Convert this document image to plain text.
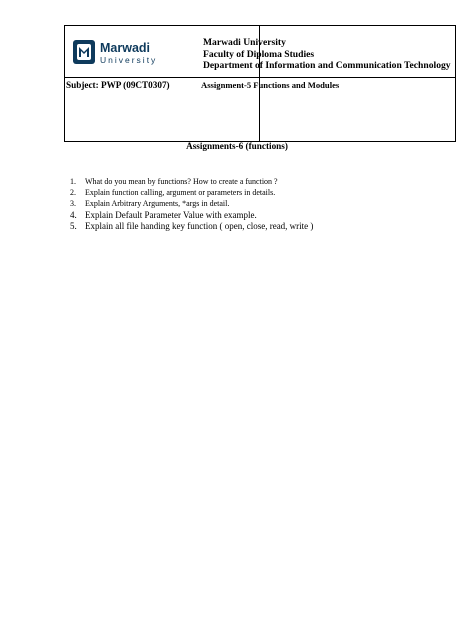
Marwadi
University
Marwadi University
Faculty of Diploma Studies
Department of Information and Communication Technology
Subject: PWP (09CT0307)	Assignment-5 Functions and Modules
Assignments-6 (functions)
1.	What do you mean by functions? How to create a function ?
2.	Explain function calling, argument or parameters in details.
3.	Explain Arbitrary Arguments, *args in detail.
4. Explain Default Parameter Value with example.
5. Explain all file handing key function ( open, close, read, write )
